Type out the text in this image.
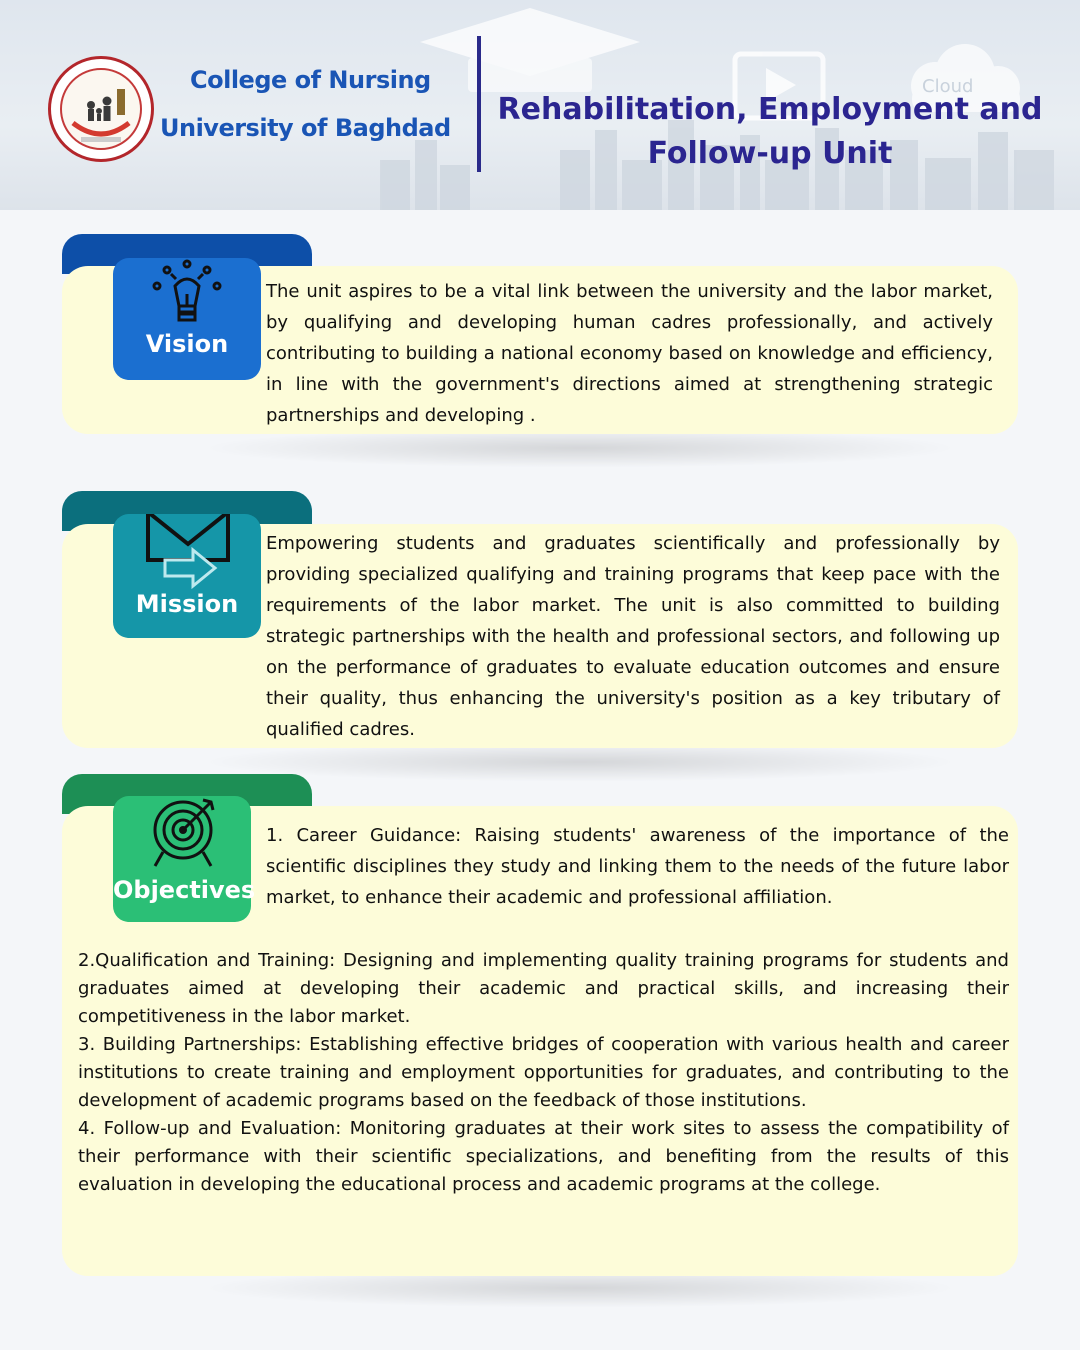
Cloud
College of Nursing
University of Baghdad
Rehabilitation, Employment and
Follow-up Unit
Vision
The unit aspires to be a vital link between the university and the labor market, by qualifying and developing human cadres professionally, and actively contributing to building a national economy based on knowledge and efficiency, in line with the government's directions aimed at strengthening strategic partnerships and developing .
Mission
Empowering students and graduates scientifically and professionally by providing specialized qualifying and training programs that keep pace with the requirements of the labor market. The unit is also committed to building strategic partnerships with the health and professional sectors, and following up on the performance of graduates to evaluate education outcomes and ensure their quality, thus enhancing the university's position as a key tributary of qualified cadres.
Objectives
1. Career Guidance: Raising students' awareness of the importance of the scientific disciplines they study and linking them to the needs of the future labor market, to enhance their academic and professional affiliation.

2.Qualification and Training: Designing and implementing quality training programs for students and graduates aimed at developing their academic and practical skills, and increasing their competitiveness in the labor market.

3. Building Partnerships: Establishing effective bridges of cooperation with various health and career institutions to create training and employment opportunities for graduates, and contributing to the development of academic programs based on the feedback of those institutions.

4. Follow-up and Evaluation: Monitoring graduates at their work sites to assess the compatibility of their performance with their scientific specializations, and benefiting from the results of this evaluation in developing the educational process and academic programs at the college.
